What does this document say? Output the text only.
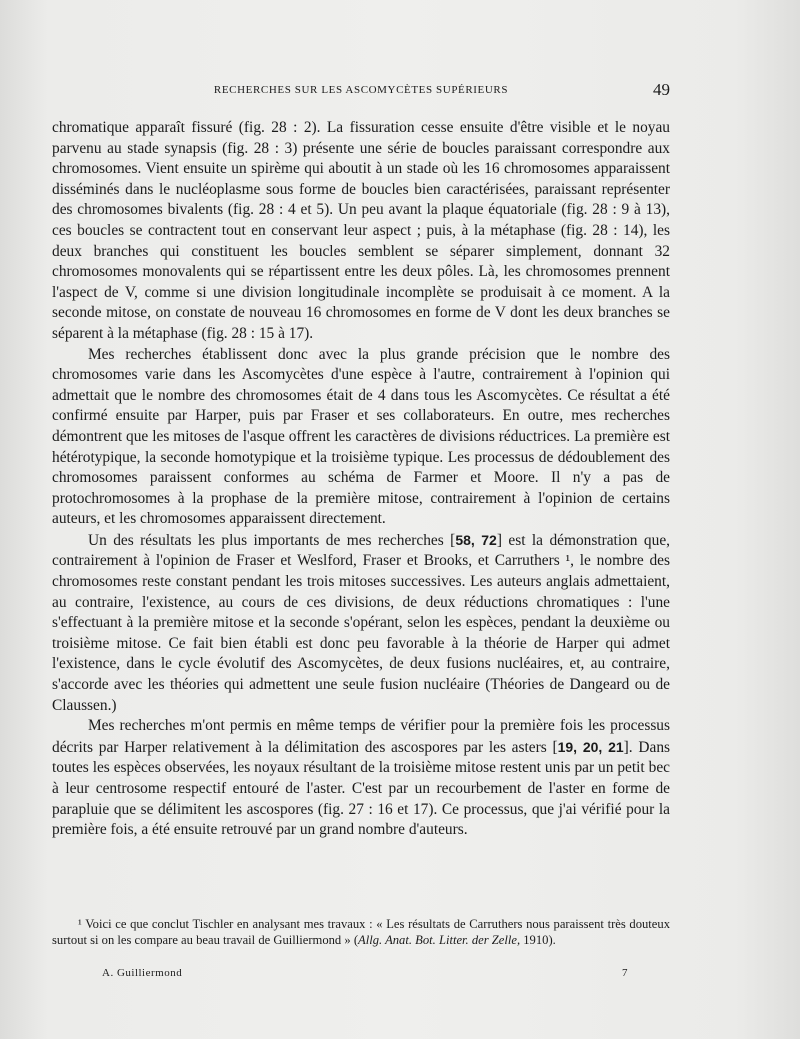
RECHERCHES SUR LES ASCOMYCÈTES SUPÉRIEURS	49

chromatique apparaît fissuré (fig. 28 : 2). La fissuration cesse ensuite d'être visible et le noyau parvenu au stade synapsis (fig. 28 : 3) présente une série de boucles paraissant correspondre aux chromosomes. Vient ensuite un spirème qui aboutit à un stade où les 16 chromosomes apparaissent disséminés dans le nucléoplasme sous forme de boucles bien caractérisées, paraissant représenter des chromosomes bivalents (fig. 28 : 4 et 5). Un peu avant la plaque équatoriale (fig. 28 : 9 à 13), ces boucles se contractent tout en conservant leur aspect ; puis, à la métaphase (fig. 28 : 14), les deux branches qui constituent les boucles semblent se séparer simplement, donnant 32 chromosomes monovalents qui se répartissent entre les deux pôles. Là, les chromosomes prennent l'aspect de V, comme si une division longitudinale incomplète se produisait à ce moment. A la seconde mitose, on constate de nouveau 16 chromosomes en forme de V dont les deux branches se séparent à la métaphase (fig. 28 : 15 à 17).

Mes recherches établissent donc avec la plus grande précision que le nombre des chromosomes varie dans les Ascomycètes d'une espèce à l'autre, contrairement à l'opinion qui admettait que le nombre des chromosomes était de 4 dans tous les Ascomycètes. Ce résultat a été confirmé ensuite par Harper, puis par Fraser et ses collaborateurs. En outre, mes recherches démontrent que les mitoses de l'asque offrent les caractères de divisions réductrices. La première est hétérotypique, la seconde homotypique et la troisième typique. Les processus de dédoublement des chromosomes paraissent conformes au schéma de Farmer et Moore. Il n'y a pas de protochromosomes à la prophase de la première mitose, contrairement à l'opinion de certains auteurs, et les chromosomes apparaissent directement.

Un des résultats les plus importants de mes recherches [58, 72] est la démonstration que, contrairement à l'opinion de Fraser et Weslford, Fraser et Brooks, et Carruthers ¹, le nombre des chromosomes reste constant pendant les trois mitoses successives. Les auteurs anglais admettaient, au contraire, l'existence, au cours de ces divisions, de deux réductions chromatiques : l'une s'effectuant à la première mitose et la seconde s'opérant, selon les espèces, pendant la deuxième ou troisième mitose. Ce fait bien établi est donc peu favorable à la théorie de Harper qui admet l'existence, dans le cycle évolutif des Ascomycètes, de deux fusions nucléaires, et, au contraire, s'accorde avec les théories qui admettent une seule fusion nucléaire (Théories de Dangeard ou de Claussen.)

Mes recherches m'ont permis en même temps de vérifier pour la première fois les processus décrits par Harper relativement à la délimitation des ascospores par les asters [19, 20, 21]. Dans toutes les espèces observées, les noyaux résultant de la troisième mitose restent unis par un petit bec à leur centrosome respectif entouré de l'aster. C'est par un recourbement de l'aster en forme de parapluie que se délimitent les ascospores (fig. 27 : 16 et 17). Ce processus, que j'ai vérifié pour la première fois, a été ensuite retrouvé par un grand nombre d'auteurs.

¹ Voici ce que conclut Tischler en analysant mes travaux : « Les résultats de Carruthers nous paraissent très douteux surtout si on les compare au beau travail de Guilliermond » (Allg. Anat. Bot. Litter. der Zelle, 1910).

A. Guilliermond	7
